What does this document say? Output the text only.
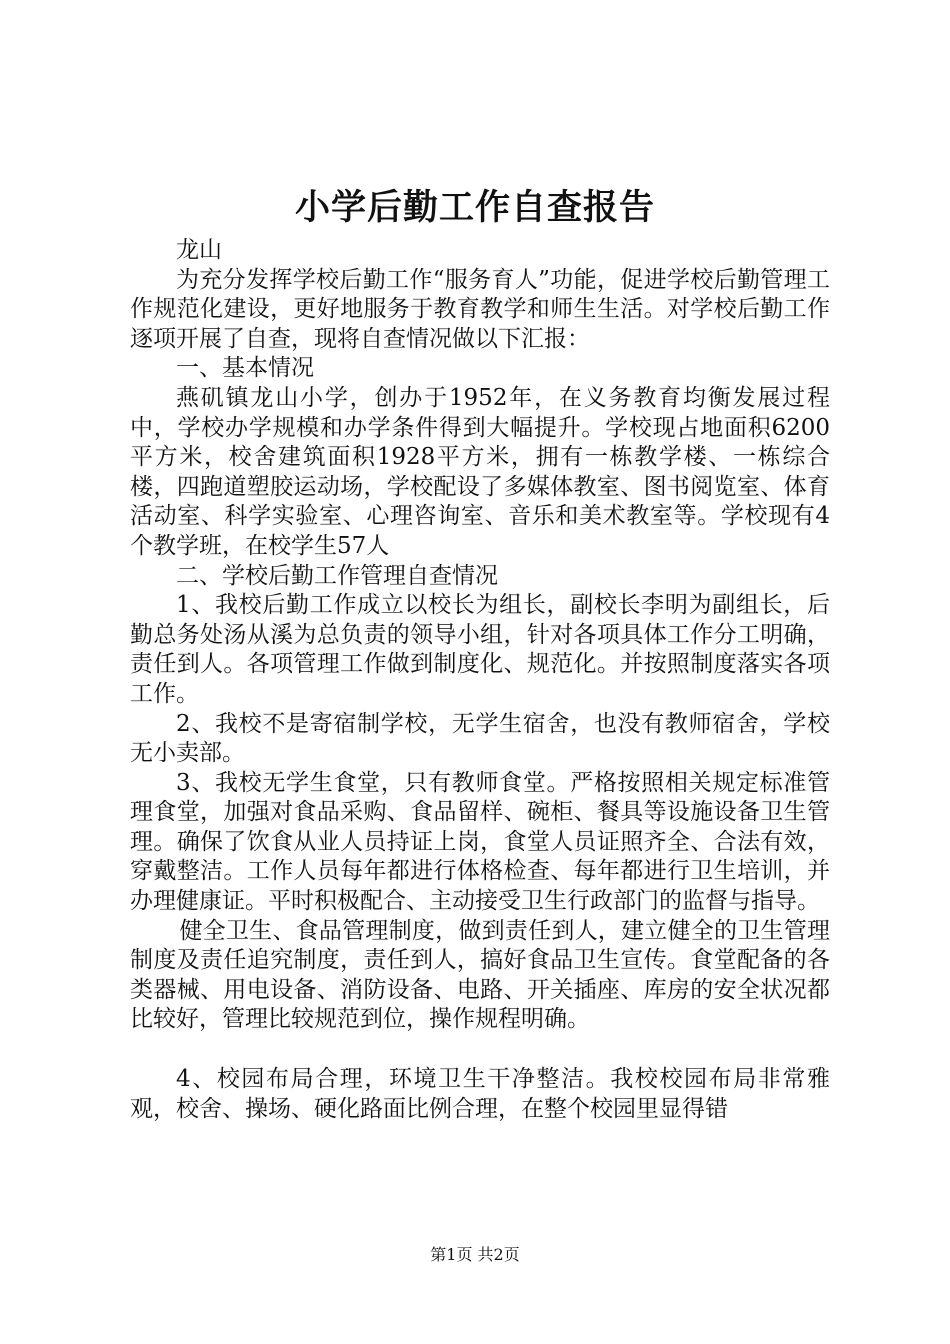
小学后勤工作自查报告

龙山

为充分发挥学校后勤工作“服务育人”功能，促进学校后勤管理工作规范化建设，更好地服务于教育教学和师生生活。对学校后勤工作逐项开展了自查，现将自查情况做以下汇报：

一、基本情况

燕矶镇龙山小学，创办于1952年，在义务教育均衡发展过程中，学校办学规模和办学条件得到大幅提升。学校现占地面积6200平方米，校舍建筑面积1928平方米，拥有一栋教学楼、一栋综合楼，四跑道塑胶运动场，学校配设了多媒体教室、图书阅览室、体育活动室、科学实验室、心理咨询室、音乐和美术教室等。学校现有4个教学班，在校学生57人

二、学校后勤工作管理自查情况

1、我校后勤工作成立以校长为组长，副校长李明为副组长，后勤总务处汤从溪为总负责的领导小组，针对各项具体工作分工明确，责任到人。各项管理工作做到制度化、规范化。并按照制度落实各项工作。

2、我校不是寄宿制学校，无学生宿舍，也没有教师宿舍，学校无小卖部。

3、我校无学生食堂，只有教师食堂。严格按照相关规定标准管理食堂，加强对食品采购、食品留样、碗柜、餐具等设施设备卫生管理。确保了饮食从业人员持证上岗，食堂人员证照齐全、合法有效，穿戴整洁。工作人员每年都进行体格检查、每年都进行卫生培训，并办理健康证。平时积极配合、主动接受卫生行政部门的监督与指导。

健全卫生、食品管理制度，做到责任到人，建立健全的卫生管理制度及责任追究制度，责任到人，搞好食品卫生宣传。食堂配备的各类器械、用电设备、消防设备、电路、开关插座、库房的安全状况都比较好，管理比较规范到位，操作规程明确。

4、校园布局合理，环境卫生干净整洁。我校校园布局非常雅观，校舍、操场、硬化路面比例合理，在整个校园里显得错

第1页 共2页
